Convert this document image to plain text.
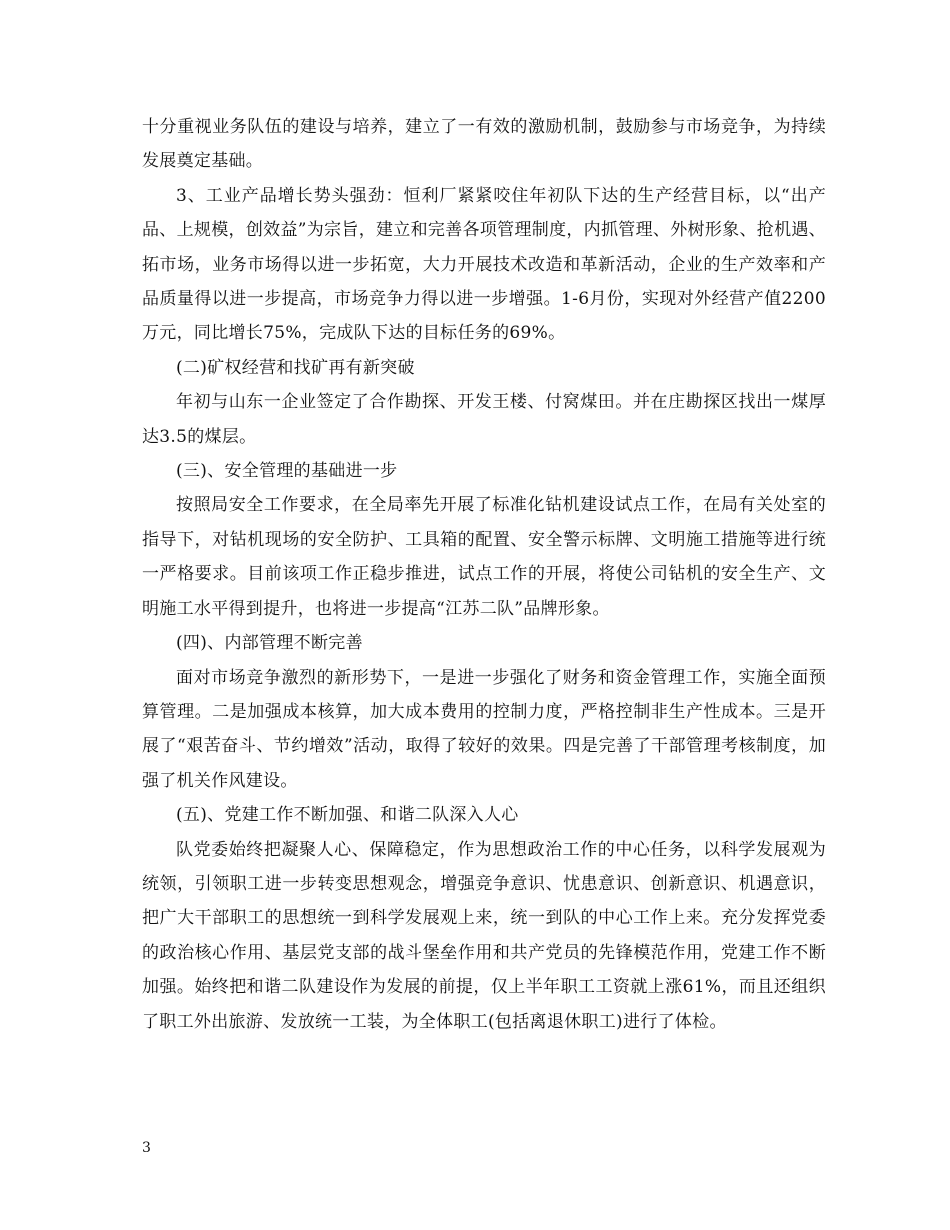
十分重视业务队伍的建设与培养，建立了一有效的激励机制，鼓励参与市场竞争，为持续发展奠定基础。

3、工业产品增长势头强劲：恒利厂紧紧咬住年初队下达的生产经营目标，以“出产品、上规模，创效益”为宗旨，建立和完善各项管理制度，内抓管理、外树形象、抢机遇、拓市场，业务市场得以进一步拓宽，大力开展技术改造和革新活动，企业的生产效率和产品质量得以进一步提高，市场竞争力得以进一步增强。1-6月份，实现对外经营产值2200万元，同比增长75%，完成队下达的目标任务的69%。

(二)矿权经营和找矿再有新突破

年初与山东一企业签定了合作勘探、开发王楼、付窝煤田。并在庄勘探区找出一煤厚达3.5的煤层。

(三)、安全管理的基础进一步

按照局安全工作要求，在全局率先开展了标准化钻机建设试点工作，在局有关处室的指导下，对钻机现场的安全防护、工具箱的配置、安全警示标牌、文明施工措施等进行统一严格要求。目前该项工作正稳步推进，试点工作的开展，将使公司钻机的安全生产、文明施工水平得到提升，也将进一步提高“江苏二队”品牌形象。

(四)、内部管理不断完善

面对市场竞争激烈的新形势下，一是进一步强化了财务和资金管理工作，实施全面预算管理。二是加强成本核算，加大成本费用的控制力度，严格控制非生产性成本。三是开展了“艰苦奋斗、节约增效”活动，取得了较好的效果。四是完善了干部管理考核制度，加强了机关作风建设。

(五)、党建工作不断加强、和谐二队深入人心

队党委始终把凝聚人心、保障稳定，作为思想政治工作的中心任务，以科学发展观为统领，引领职工进一步转变思想观念，增强竞争意识、忧患意识、创新意识、机遇意识，把广大干部职工的思想统一到科学发展观上来，统一到队的中心工作上来。充分发挥党委的政治核心作用、基层党支部的战斗堡垒作用和共产党员的先锋模范作用，党建工作不断加强。始终把和谐二队建设作为发展的前提，仅上半年职工工资就上涨61%，而且还组织了职工外出旅游、发放统一工装，为全体职工(包括离退休职工)进行了体检。

3
